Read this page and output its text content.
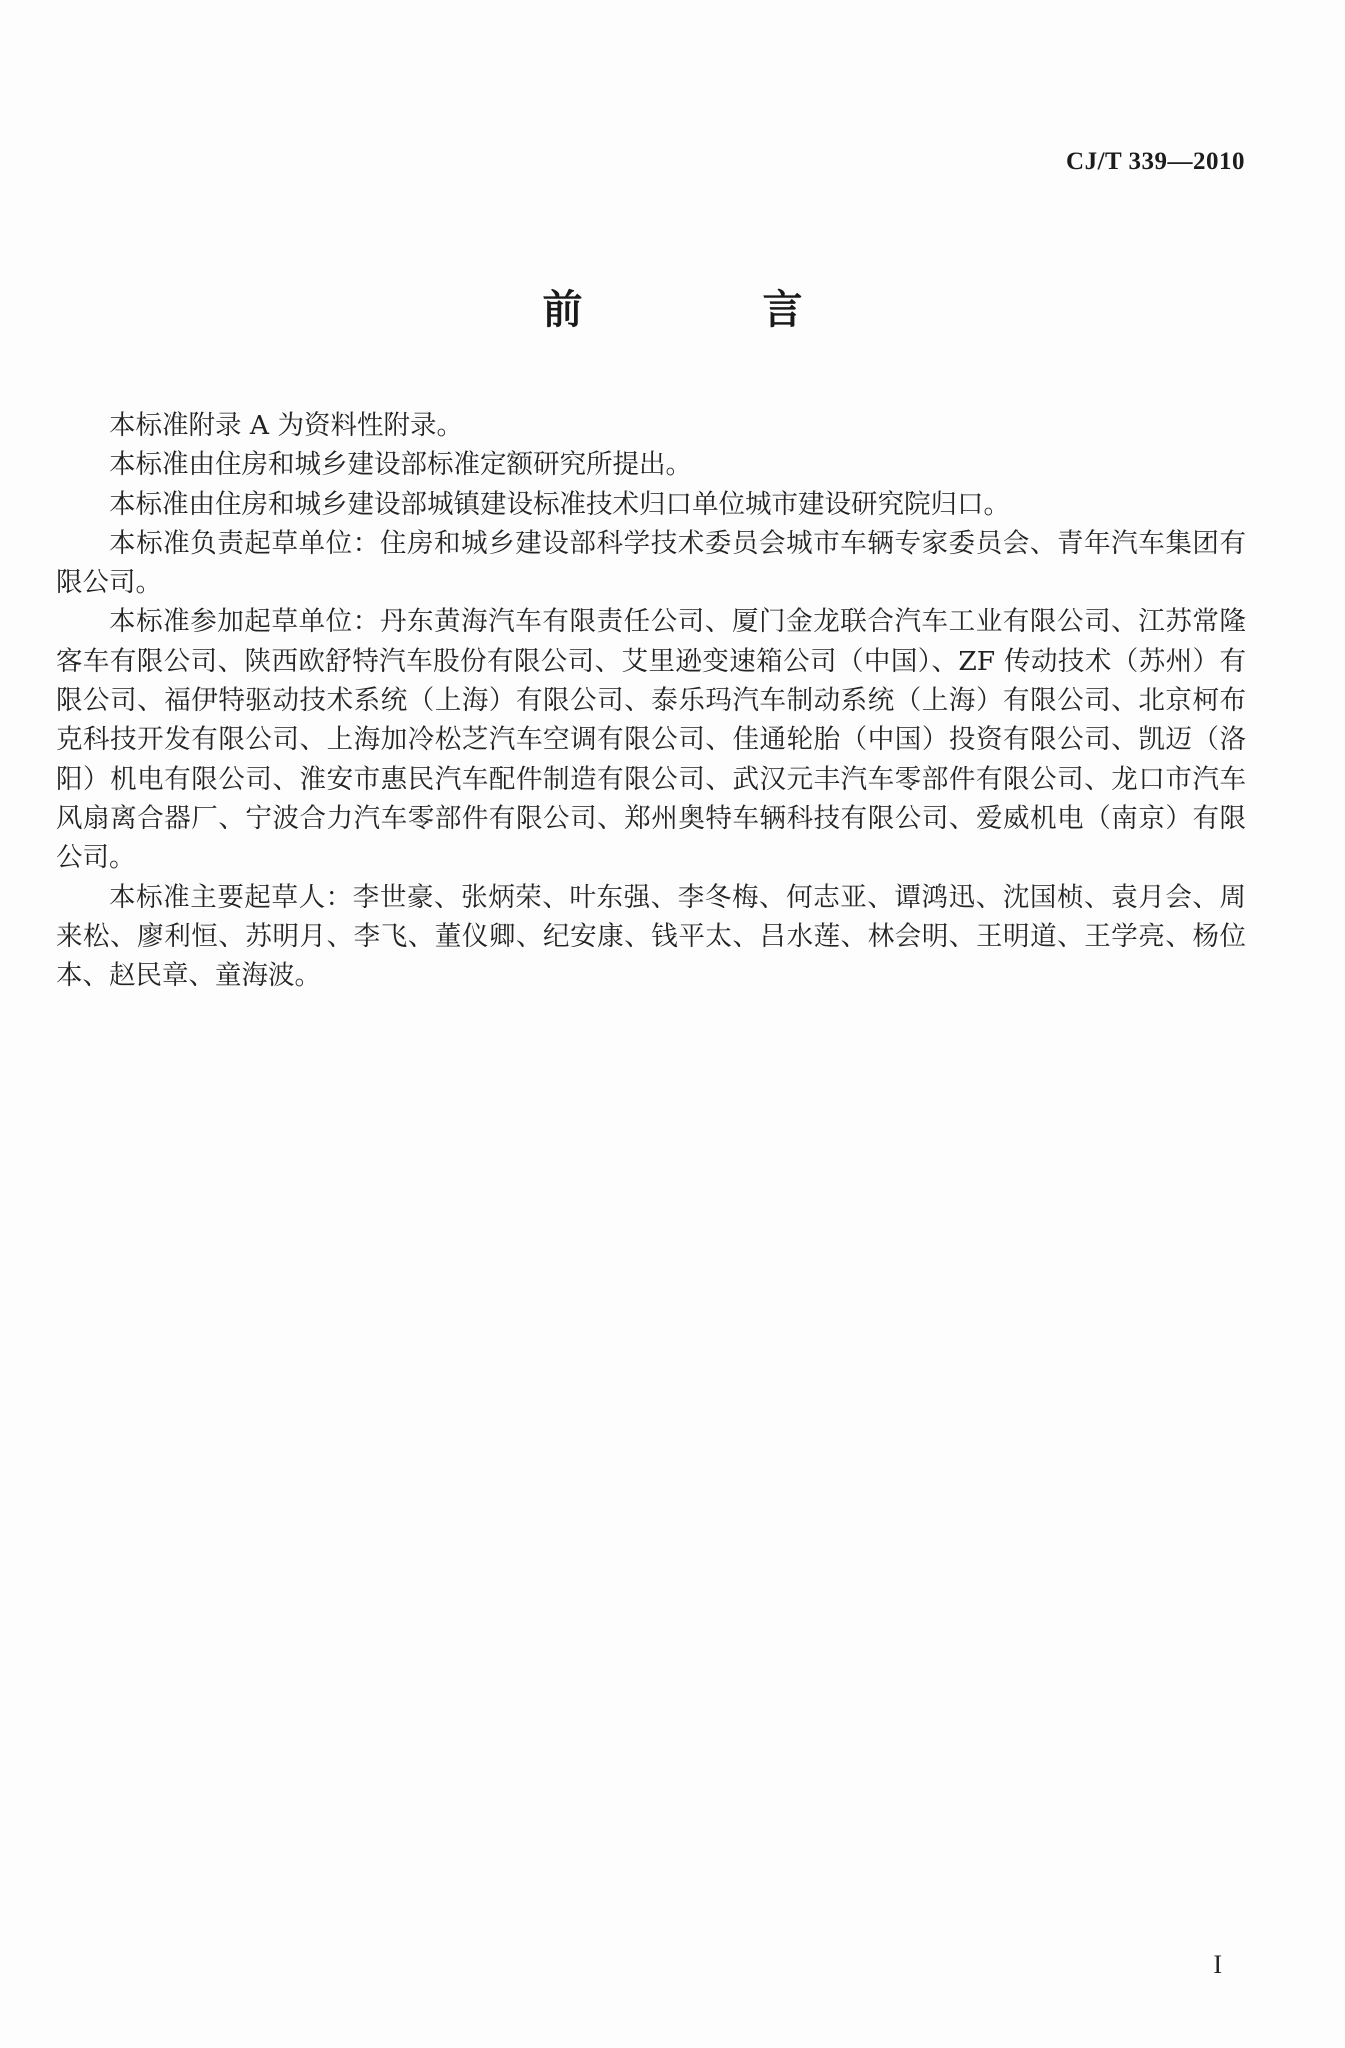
CJ/T 339—2010
前　言

本标准附录 A 为资料性附录。

本标准由住房和城乡建设部标准定额研究所提出。

本标准由住房和城乡建设部城镇建设标准技术归口单位城市建设研究院归口。

本标准负责起草单位：住房和城乡建设部科学技术委员会城市车辆专家委员会、青年汽车集团有限公司。

本标准参加起草单位：丹东黄海汽车有限责任公司、厦门金龙联合汽车工业有限公司、江苏常隆客车有限公司、陕西欧舒特汽车股份有限公司、艾里逊变速箱公司（中国）、ZF 传动技术（苏州）有限公司、福伊特驱动技术系统（上海）有限公司、泰乐玛汽车制动系统（上海）有限公司、北京柯布克科技开发有限公司、上海加冷松芝汽车空调有限公司、佳通轮胎（中国）投资有限公司、凯迈（洛阳）机电有限公司、淮安市惠民汽车配件制造有限公司、武汉元丰汽车零部件有限公司、龙口市汽车风扇离合器厂、宁波合力汽车零部件有限公司、郑州奥特车辆科技有限公司、爱威机电（南京）有限公司。

本标准主要起草人：李世豪、张炳荣、叶东强、李冬梅、何志亚、谭鸿迅、沈国桢、袁月会、周来松、廖利恒、苏明月、李飞、董仪卿、纪安康、钱平太、吕水莲、林会明、王明道、王学亮、杨位本、赵民章、童海波。

I
